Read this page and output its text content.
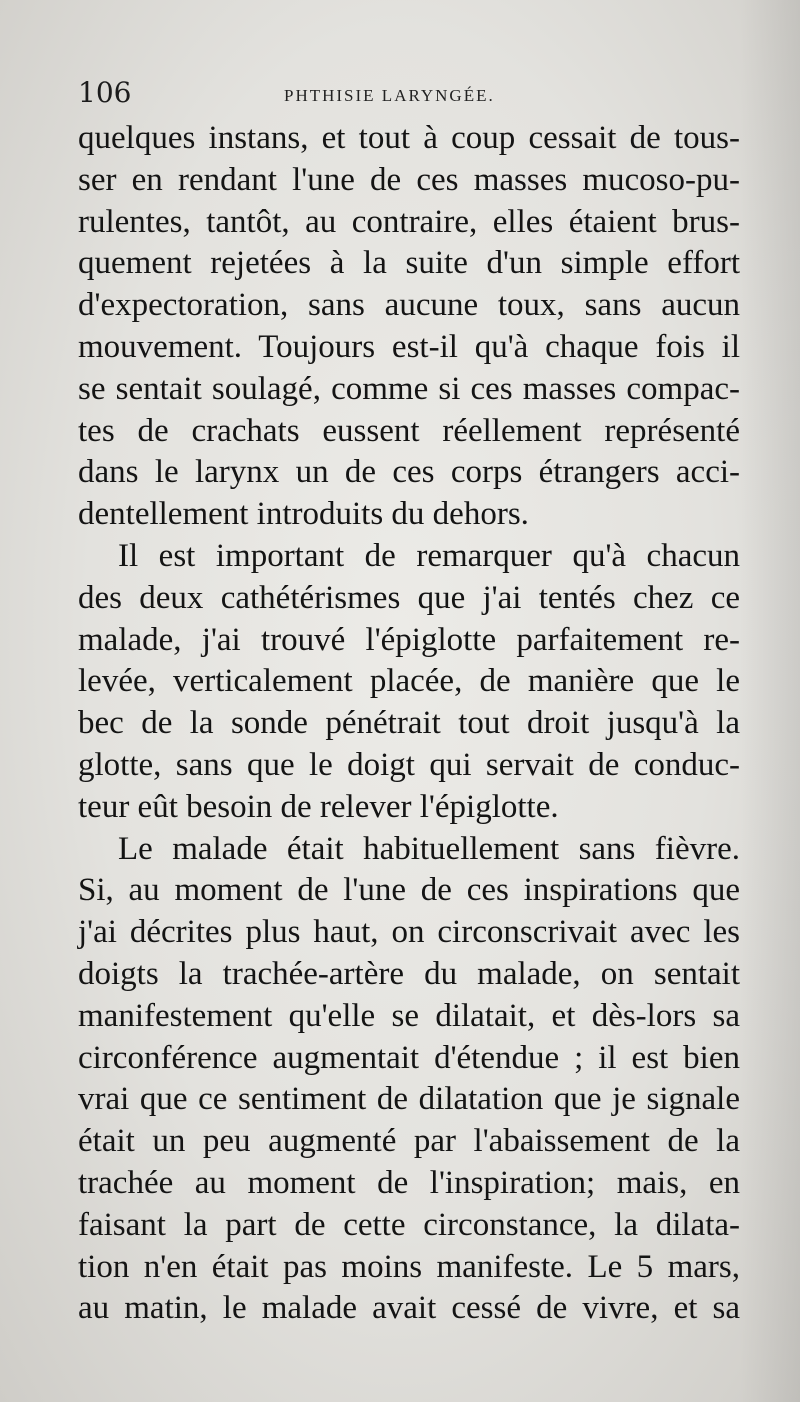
106	PHTHISIE LARYNGÉE.
quelques instans, et tout à coup cessait de tous-
ser en rendant l'une de ces masses mucoso-pu-
rulentes, tantôt, au contraire, elles étaient brus-
quement rejetées à la suite d'un simple effort
d'expectoration, sans aucune toux, sans aucun
mouvement. Toujours est-il qu'à chaque fois il
se sentait soulagé, comme si ces masses compac-
tes de crachats eussent réellement représenté
dans le larynx un de ces corps étrangers acci-
dentellement introduits du dehors.
Il est important de remarquer qu'à chacun
des deux cathétérismes que j'ai tentés chez ce
malade, j'ai trouvé l'épiglotte parfaitement re-
levée, verticalement placée, de manière que le
bec de la sonde pénétrait tout droit jusqu'à la
glotte, sans que le doigt qui servait de conduc-
teur eût besoin de relever l'épiglotte.
Le malade était habituellement sans fièvre.
Si, au moment de l'une de ces inspirations que
j'ai décrites plus haut, on circonscrivait avec les
doigts la trachée-artère du malade, on sentait
manifestement qu'elle se dilatait, et dès-lors sa
circonférence augmentait d'étendue ; il est bien
vrai que ce sentiment de dilatation que je signale
était un peu augmenté par l'abaissement de la
trachée au moment de l'inspiration; mais, en
faisant la part de cette circonstance, la dilata-
tion n'en était pas moins manifeste. Le 5 mars,
au matin, le malade avait cessé de vivre, et sa
